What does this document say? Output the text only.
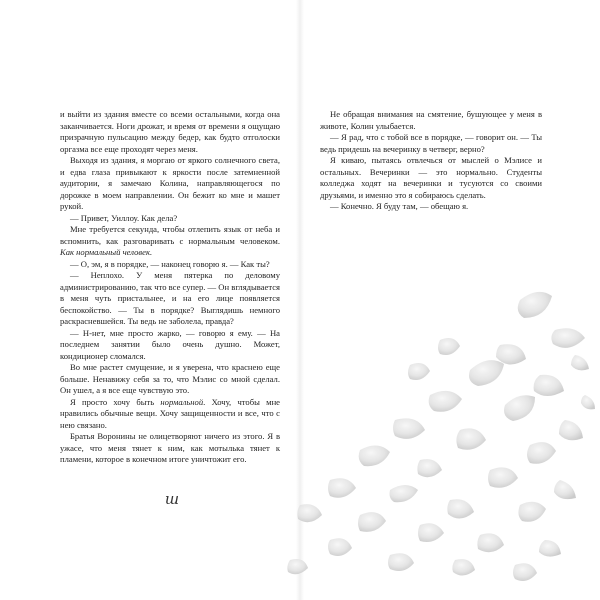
и выйти из здания вместе со всеми остальными, когда она заканчивается. Ноги дрожат, и время от времени я ощущаю призрачную пульсацию между бедер, как будто отголоски оргазма все еще проходят через меня.

Выходя из здания, я моргаю от яркого солнечного света, и едва глаза привыкают к яркости после затемненной аудитории, я замечаю Колина, направляющегося по дорожке в моем направлении. Он бежит ко мне и машет рукой.

— Привет, Уиллоу. Как дела?

Мне требуется секунда, чтобы отлепить язык от неба и вспомнить, как разговаривать с нормальным человеком. Как нормальный человек.

— О, эм, я в порядке, — наконец говорю я. — Как ты?

— Неплохо. У меня пятерка по деловому администрированию, так что все супер. — Он вглядывается в меня чуть пристальнее, и на его лице появляется беспокойство. — Ты в порядке? Выглядишь немного раскрасневшейся. Ты ведь не заболела, правда?

— Н-нет, мне просто жарко, — говорю я ему. — На последнем занятии было очень душно. Может, кондиционер сломался.

Во мне растет смущение, и я уверена, что краснею еще больше. Ненавижу себя за то, что Мэлис со мной сделал. Он ушел, а я все еще чувствую это.

Я просто хочу быть нормальной. Хочу, чтобы мне нравились обычные вещи. Хочу защищенности и все, что с нею связано.

Братья Воронины не олицетворяют ничего из этого. Я в ужасе, что меня тянет к ним, как мотылька тянет к пламени, которое в конечном итоге уничтожит его.

ш

Не обращая внимания на смятение, бушующее у меня в животе, Колин улыбается.

— Я рад, что с тобой все в порядке, — говорит он. — Ты ведь придешь на вечеринку в четверг, верно?

Я киваю, пытаясь отвлечься от мыслей о Мэлисе и остальных. Вечеринки — это нормально. Студенты колледжа ходят на вечеринки и тусуются со своими друзьями, и именно это я собираюсь сделать.

— Конечно. Я буду там, — обещаю я.
